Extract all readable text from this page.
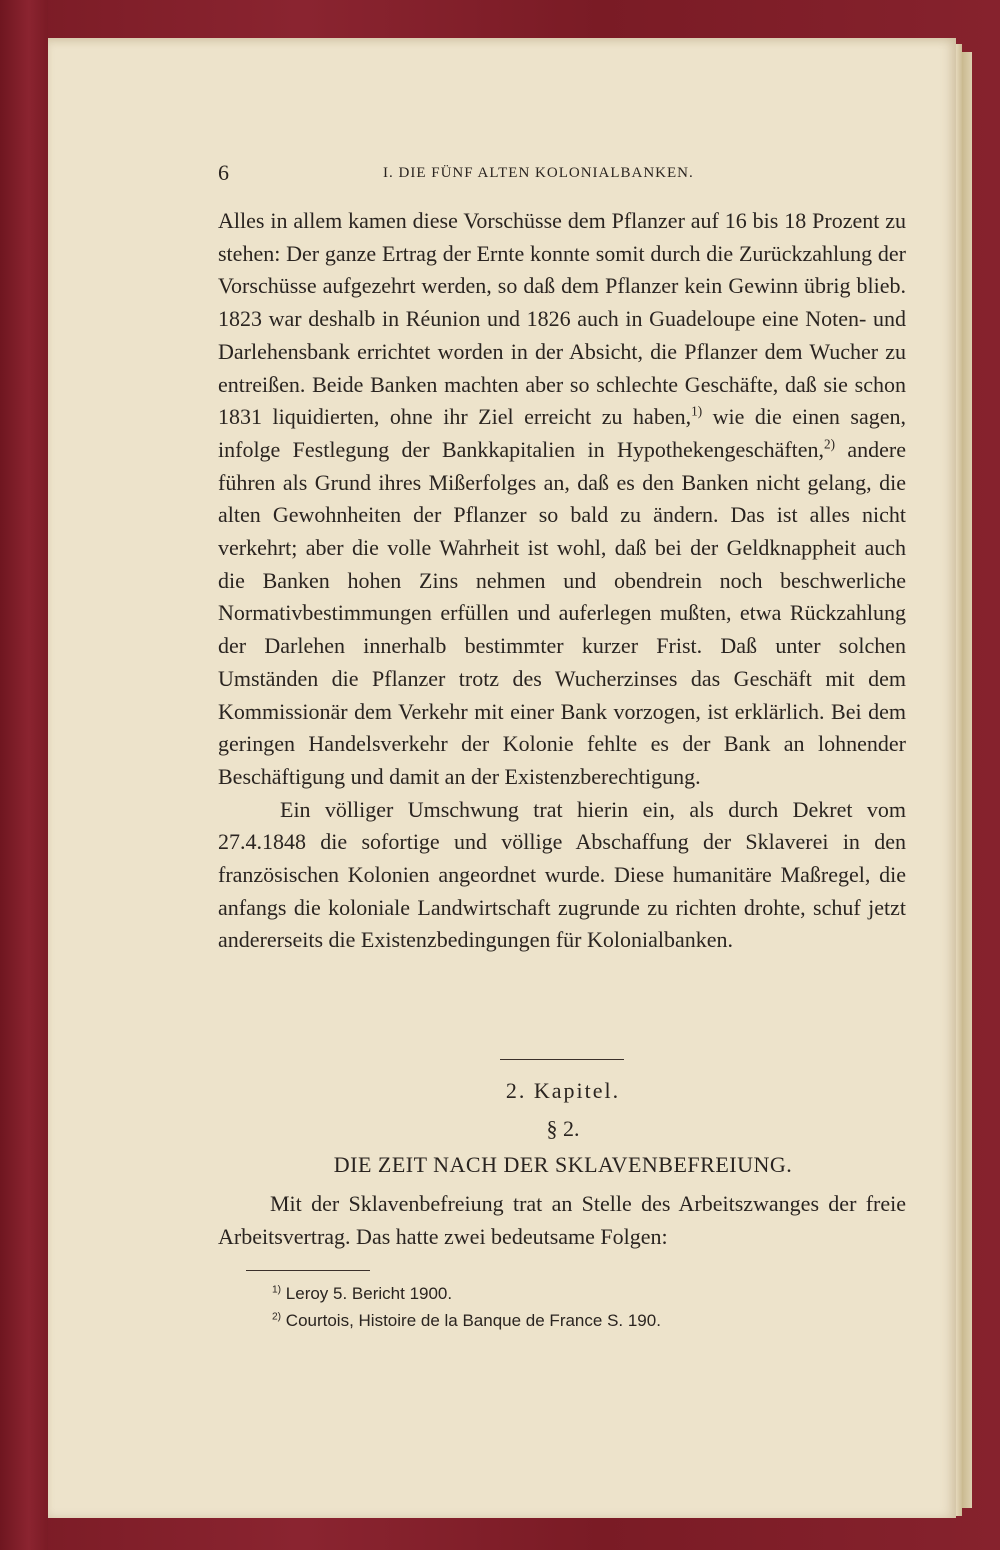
6	I. DIE FÜNF ALTEN KOLONIALBANKEN.

Alles in allem kamen diese Vorschüsse dem Pflanzer auf 16 bis 18 Prozent zu stehen: Der ganze Ertrag der Ernte konnte somit durch die Zurückzahlung der Vorschüsse aufgezehrt werden, so daß dem Pflanzer kein Gewinn übrig blieb. 1823 war deshalb in Réunion und 1826 auch in Guadeloupe eine Noten- und Darlehensbank errichtet worden in der Absicht, die Pflanzer dem Wucher zu entreißen. Beide Banken machten aber so schlechte Geschäfte, daß sie schon 1831 liquidierten, ohne ihr Ziel erreicht zu haben,$^{1)}$ wie die einen sagen, infolge Festlegung der Bankkapitalien in Hypothekengeschäften,$^{2)}$ andere führen als Grund ihres Mißerfolges an, daß es den Banken nicht gelang, die alten Gewohnheiten der Pflanzer so bald zu ändern. Das ist alles nicht verkehrt; aber die volle Wahrheit ist wohl, daß bei der Geldknappheit auch die Banken hohen Zins nehmen und obendrein noch beschwerliche Normativbestimmungen erfüllen und auferlegen mußten, etwa Rückzahlung der Darlehen innerhalb bestimmter kurzer Frist. Daß unter solchen Umständen die Pflanzer trotz des Wucherzinses das Geschäft mit dem Kommissionär dem Verkehr mit einer Bank vorzogen, ist erklärlich. Bei dem geringen Handelsverkehr der Kolonie fehlte es der Bank an lohnender Beschäftigung und damit an der Existenzberechtigung.

Ein völliger Umschwung trat hierin ein, als durch Dekret vom 27.4.1848 die sofortige und völlige Abschaffung der Sklaverei in den französischen Kolonien angeordnet wurde. Diese humanitäre Maßregel, die anfangs die koloniale Landwirtschaft zugrunde zu richten drohte, schuf jetzt andererseits die Existenzbedingungen für Kolonialbanken.

2. Kapitel.
§ 2.
DIE ZEIT NACH DER SKLAVENBEFREIUNG.

Mit der Sklavenbefreiung trat an Stelle des Arbeitszwanges der freie Arbeitsvertrag. Das hatte zwei bedeutsame Folgen:

$^{1)}$ Leroy 5. Bericht 1900.
$^{2)}$ Courtois, Histoire de la Banque de France S. 190.
